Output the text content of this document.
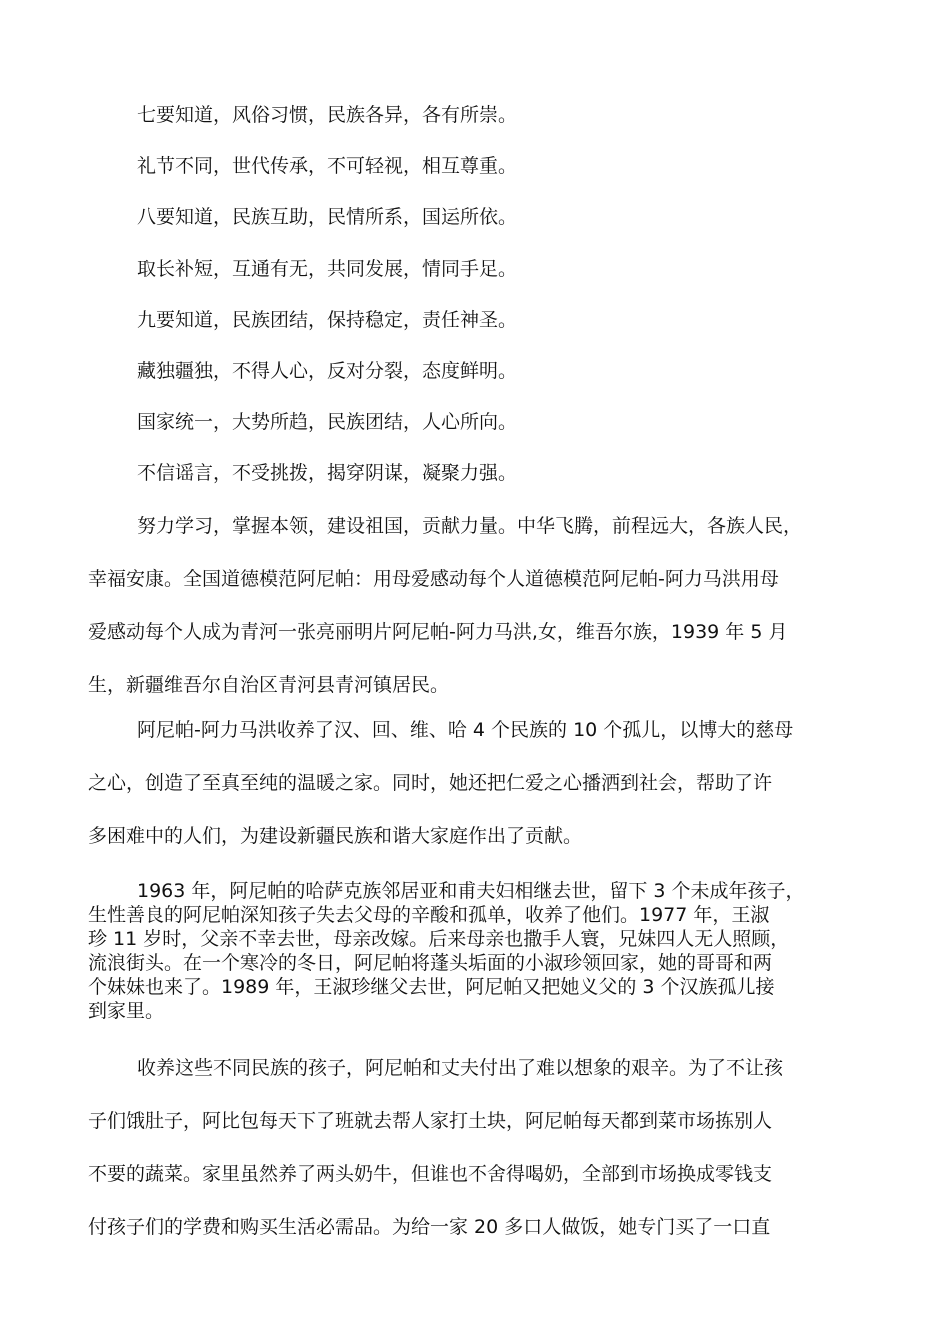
七要知道，风俗习惯，民族各异，各有所崇。
礼节不同，世代传承，不可轻视，相互尊重。
八要知道，民族互助，民情所系，国运所依。
取长补短，互通有无，共同发展，情同手足。
九要知道，民族团结，保持稳定，责任神圣。
藏独疆独，不得人心，反对分裂，态度鲜明。
国家统一，大势所趋，民族团结，人心所向。
不信谣言，不受挑拨，揭穿阴谋，凝聚力强。
努力学习，掌握本领，建设祖国，贡献力量。中华飞腾，前程远大，各族人民，
幸福安康。全国道德模范阿尼帕：用母爱感动每个人道德模范阿尼帕-阿力马洪用母
爱感动每个人成为青河一张亮丽明片阿尼帕-阿力马洪,女，维吾尔族，1939 年 5 月
生，新疆维吾尔自治区青河县青河镇居民。
阿尼帕-阿力马洪收养了汉、回、维、哈 4 个民族的 10 个孤儿，以博大的慈母
之心，创造了至真至纯的温暖之家。同时，她还把仁爱之心播洒到社会，帮助了许
多困难中的人们，为建设新疆民族和谐大家庭作出了贡献。
1963 年，阿尼帕的哈萨克族邻居亚和甫夫妇相继去世，留下 3 个未成年孩子，
生性善良的阿尼帕深知孩子失去父母的辛酸和孤单，收养了他们。1977 年，王淑
珍 11 岁时，父亲不幸去世，母亲改嫁。后来母亲也撒手人寰，兄妹四人无人照顾，
流浪街头。在一个寒冷的冬日，阿尼帕将蓬头垢面的小淑珍领回家，她的哥哥和两
个妹妹也来了。1989 年，王淑珍继父去世，阿尼帕又把她义父的 3 个汉族孤儿接
到家里。
收养这些不同民族的孩子，阿尼帕和丈夫付出了难以想象的艰辛。为了不让孩
子们饿肚子，阿比包每天下了班就去帮人家打土块，阿尼帕每天都到菜市场拣别人
不要的蔬菜。家里虽然养了两头奶牛，但谁也不舍得喝奶，全部到市场换成零钱支
付孩子们的学费和购买生活必需品。为给一家 20 多口人做饭，她专门买了一口直
